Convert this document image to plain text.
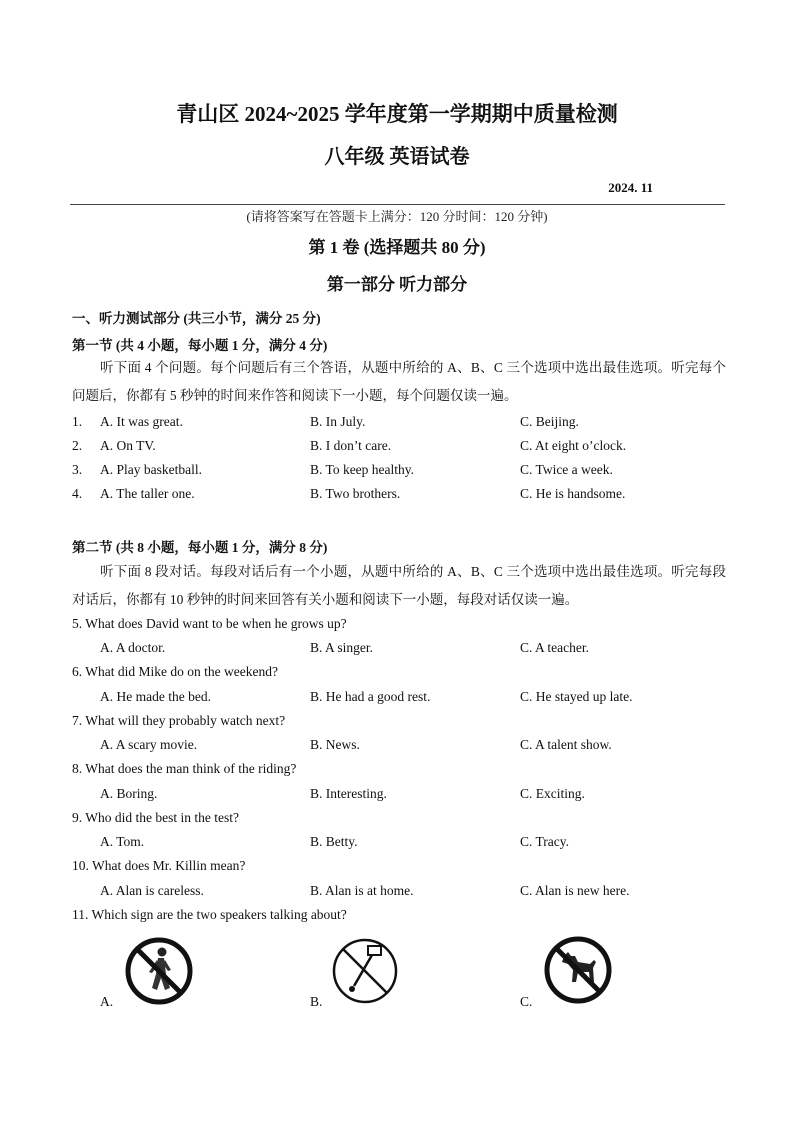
青山区 2024~2025 学年度第一学期期中质量检测
八年级 英语试卷
2024. 11
(请将答案写在答题卡上满分：120 分时间：120 分钟)
第 1 卷 (选择题共 80 分)
第一部分 听力部分
一、听力测试部分 (共三小节，满分 25 分)
第一节 (共 4 小题，每小题 1 分，满分 4 分)
听下面 4 个问题。每个问题后有三个答语，从题中所给的 A、B、C 三个选项中选出最佳选项。听完每个问题后，你都有 5 秒钟的时间来作答和阅读下一小题，每个问题仅读一遍。
1. A. It was great.	B. In July.	C. Beijing.
2. A. On TV.	B. I don’t care.	C. At eight o’clock.
3. A. Play basketball.	B. To keep healthy.	C. Twice a week.
4. A. The taller one.	B. Two brothers.	C. He is handsome.
第二节 (共 8 小题，每小题 1 分，满分 8 分)
听下面 8 段对话。每段对话后有一个小题，从题中所给的 A、B、C 三个选项中选出最佳选项。听完每段对话后，你都有 10 秒钟的时间来回答有关小题和阅读下一小题，每段对话仅读一遍。
5. What does David want to be when he grows up?
A. A doctor.	B. A singer.	C. A teacher.
6. What did Mike do on the weekend?
A. He made the bed.	B. He had a good rest.	C. He stayed up late.
7. What will they probably watch next?
A. A scary movie.	B. News.	C. A talent show.
8. What does the man think of the riding?
A. Boring.	B. Interesting.	C. Exciting.
9. Who did the best in the test?
A. Tom.	B. Betty.	C. Tracy.
10. What does Mr. Killin mean?
A. Alan is careless.	B. Alan is at home.	C. Alan is new here.
11. Which sign are the two speakers talking about?
A.	B.	C.
